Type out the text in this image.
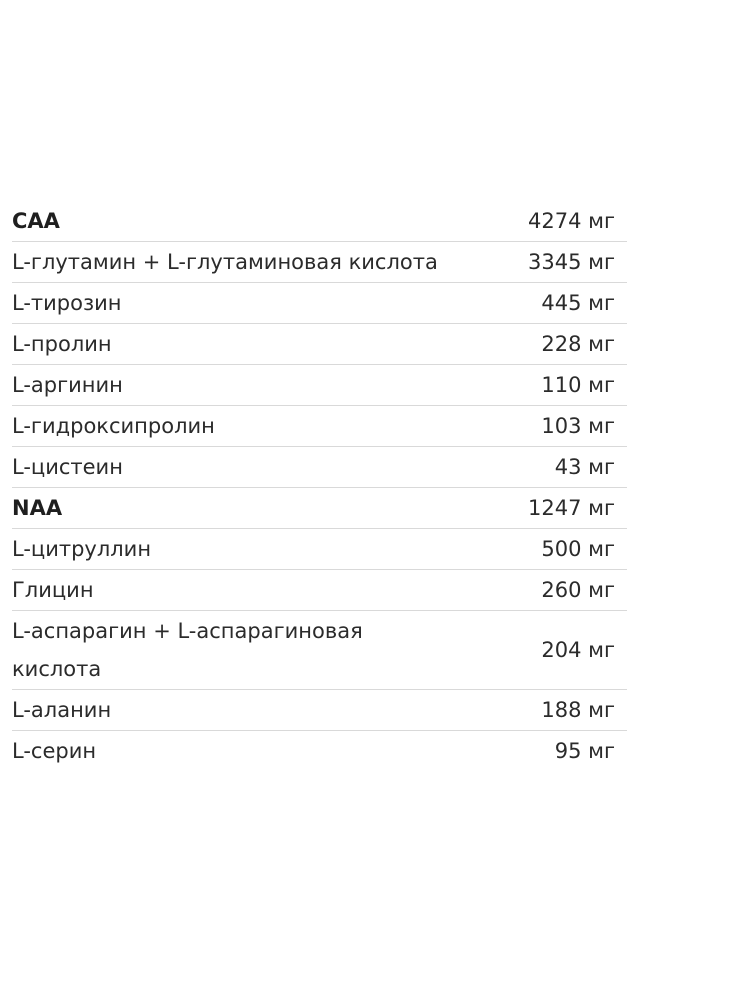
CAA	4274 мг
L-глутамин + L-глутаминовая кислота	3345 мг
L-тирозин	445 мг
L-пролин	228 мг
L-аргинин	110 мг
L-гидроксипролин	103 мг
L-цистеин	43 мг
NAA	1247 мг
L-цитруллин	500 мг
Глицин	260 мг
L-аспарагин + L-аспарагиновая кислота	204 мг
L-аланин	188 мг
L-серин	95 мг
